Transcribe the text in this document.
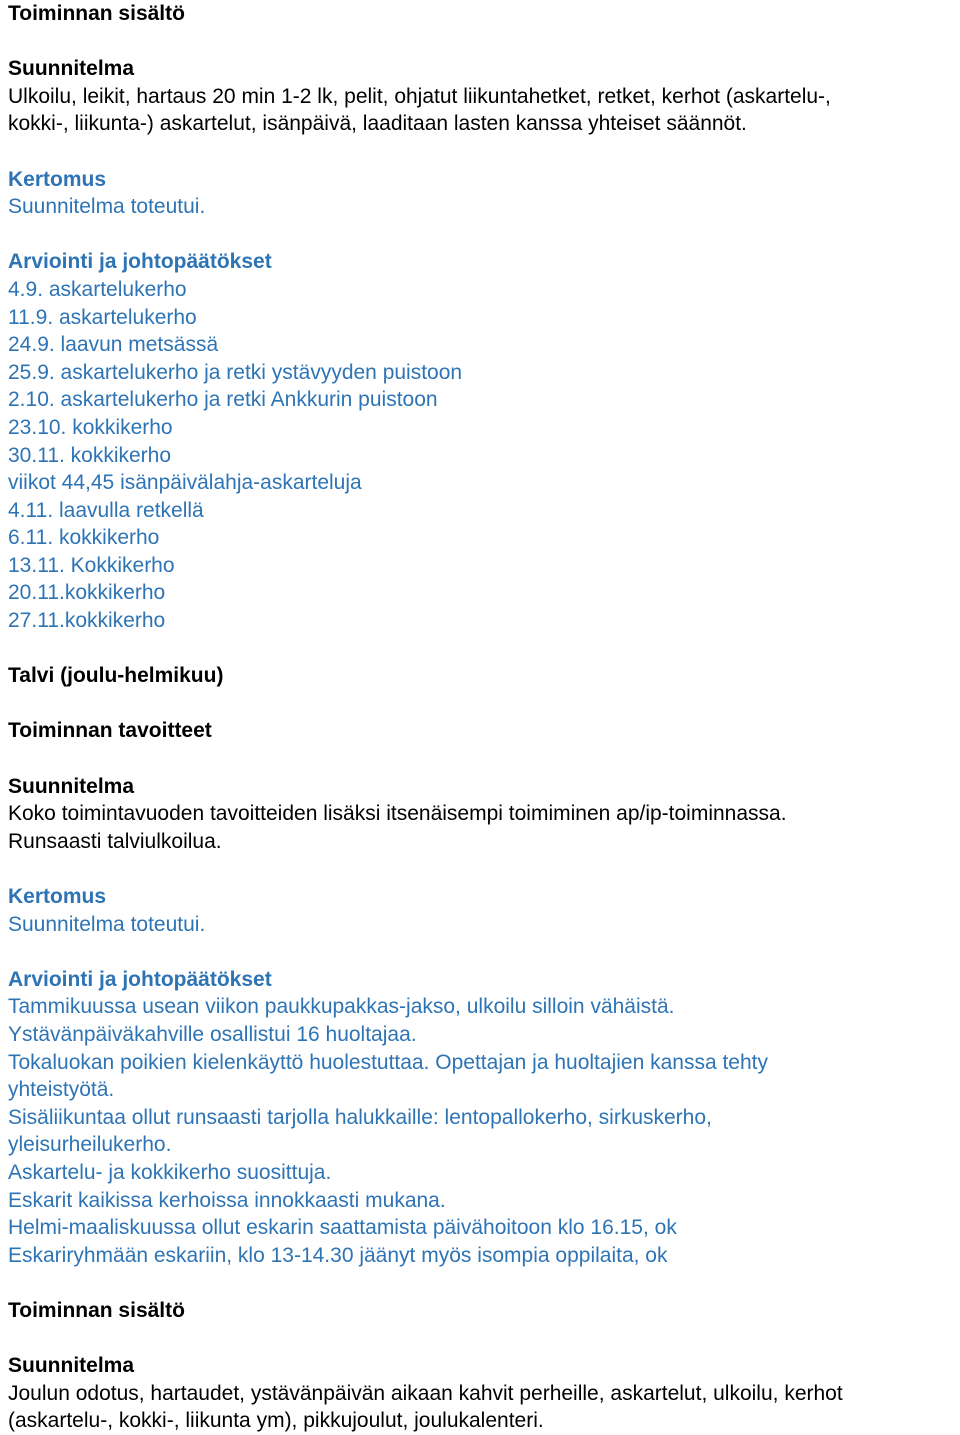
Toiminnan sisältö
Suunnitelma
Ulkoilu, leikit, hartaus 20 min 1-2 lk, pelit, ohjatut liikuntahetket, retket, kerhot (askartelu-,
kokki-, liikunta-) askartelut, isänpäivä, laaditaan lasten kanssa yhteiset säännöt.
Kertomus
Suunnitelma toteutui.
Arviointi ja johtopäätökset
4.9. askartelukerho
11.9. askartelukerho
24.9. laavun metsässä
25.9. askartelukerho ja retki ystävyyden puistoon
2.10. askartelukerho ja retki Ankkurin puistoon
23.10. kokkikerho
30.11. kokkikerho
viikot 44,45 isänpäivälahja-askarteluja
4.11. laavulla retkellä
6.11. kokkikerho
13.11. Kokkikerho
20.11.kokkikerho
27.11.kokkikerho
Talvi (joulu-helmikuu)
Toiminnan tavoitteet
Suunnitelma
Koko toimintavuoden tavoitteiden lisäksi itsenäisempi toimiminen ap/ip-toiminnassa.
Runsaasti talviulkoilua.
Kertomus
Suunnitelma toteutui.
Arviointi ja johtopäätökset
Tammikuussa usean viikon paukkupakkas-jakso, ulkoilu silloin vähäistä.
Ystävänpäiväkahville osallistui 16 huoltajaa.
Tokaluokan poikien kielenkäyttö huolestuttaa. Opettajan ja huoltajien kanssa tehty
yhteistyötä.
Sisäliikuntaa ollut runsaasti tarjolla halukkaille: lentopallokerho, sirkuskerho,
yleisurheilukerho.
Askartelu- ja kokkikerho suosittuja.
Eskarit kaikissa kerhoissa innokkaasti mukana.
Helmi-maaliskuussa ollut eskarin saattamista päivähoitoon klo 16.15, ok
Eskariryhmään eskariin, klo 13-14.30 jäänyt myös isompia oppilaita, ok
Toiminnan sisältö
Suunnitelma
Joulun odotus, hartaudet, ystävänpäivän aikaan kahvit perheille, askartelut, ulkoilu, kerhot
(askartelu-, kokki-, liikunta ym), pikkujoulut, joulukalenteri.
